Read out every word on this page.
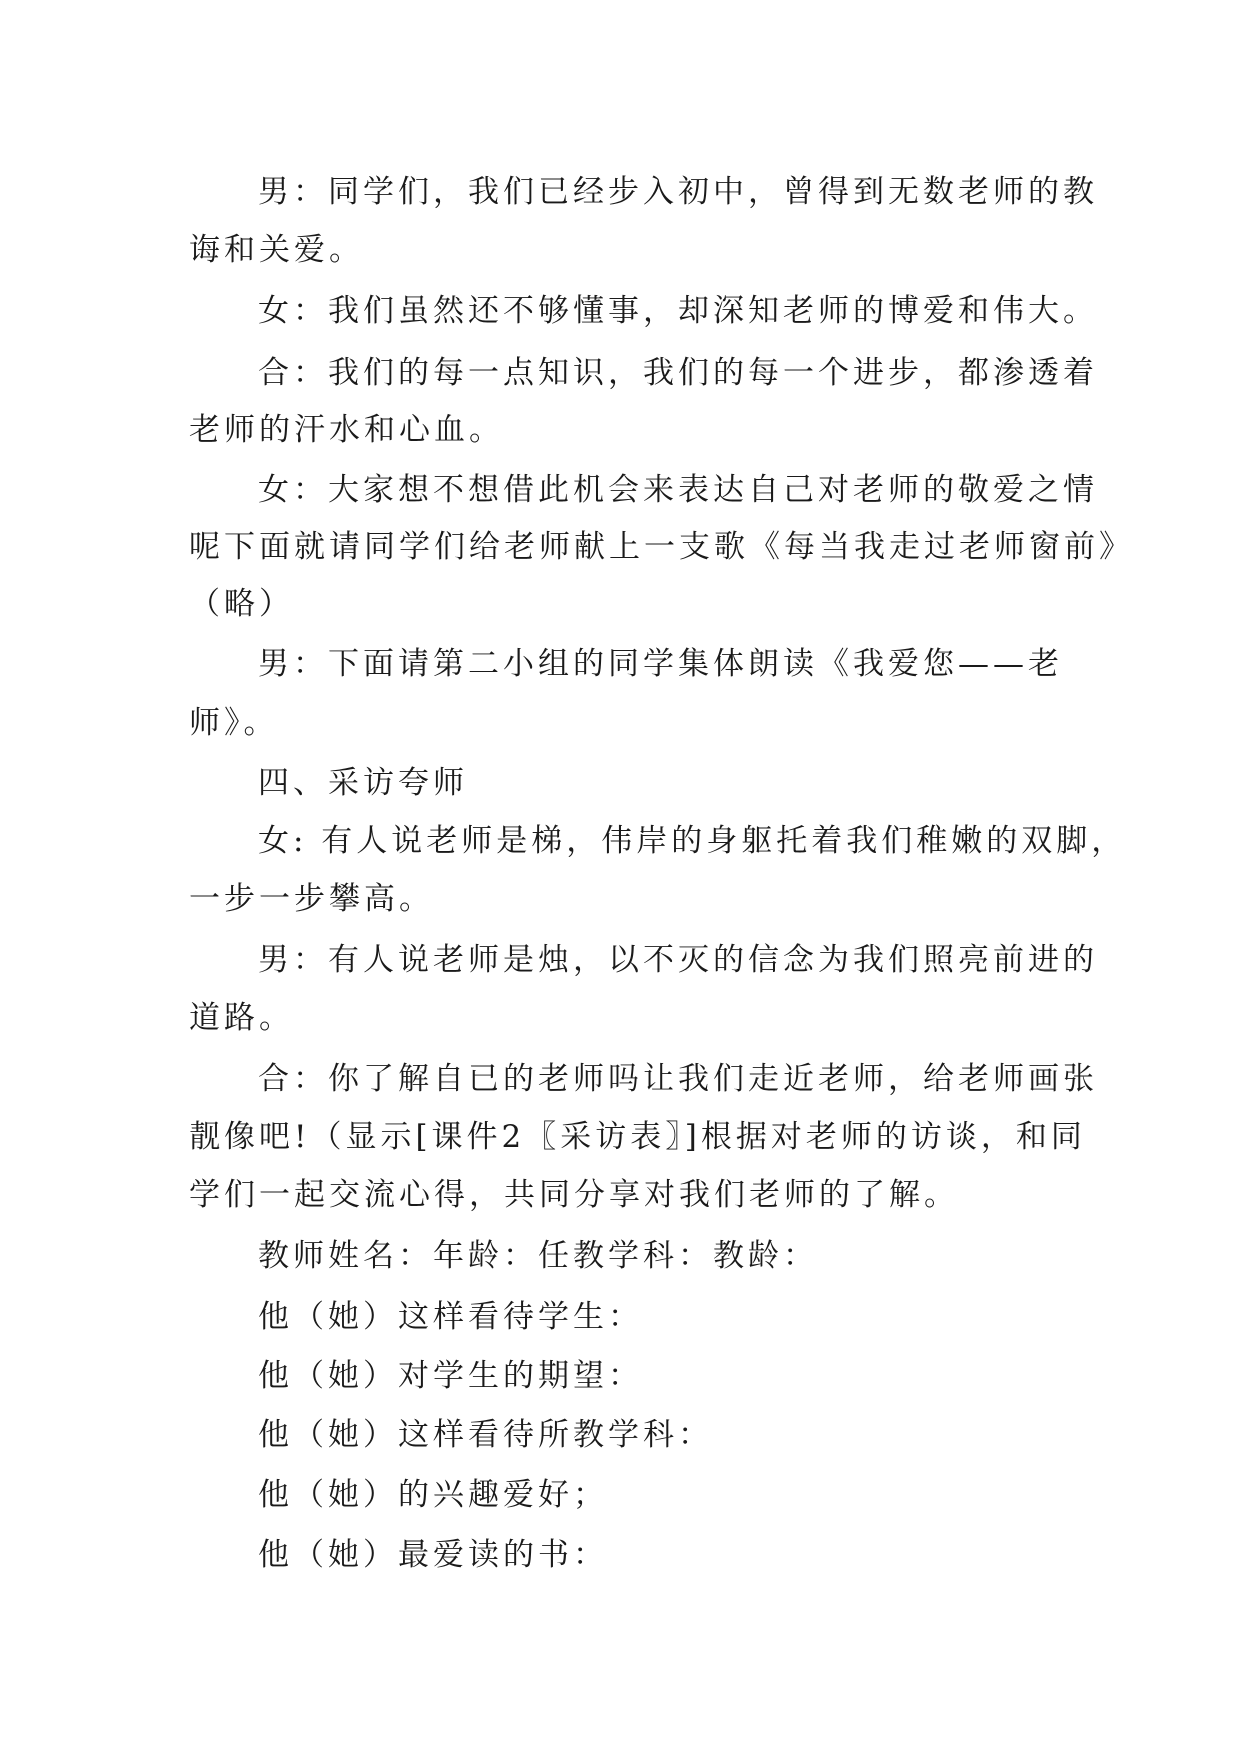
男：同学们，我们已经步入初中，曾得到无数老师的教
诲和关爱。
女：我们虽然还不够懂事，却深知老师的博爱和伟大。
合：我们的每一点知识，我们的每一个进步，都渗透着
老师的汗水和心血。
女：大家想不想借此机会来表达自己对老师的敬爱之情
呢下面就请同学们给老师献上一支歌《每当我走过老师窗前》
（略）
男：下面请第二小组的同学集体朗读《我爱您——老
师》。
四、采访夸师
女: 有人说老师是梯，伟岸的身躯托着我们稚嫩的双脚，
一步一步攀高。
男：有人说老师是烛，以不灭的信念为我们照亮前进的
道路。
合：你了解自已的老师吗让我们走近老师，给老师画张
靓像吧!（显示[课件2〖采访表〗]根据对老师的访谈，和同
学们一起交流心得，共同分享对我们老师的了解。
教师姓名：年龄：任教学科：教龄：
他（她）这样看待学生：
他（她）对学生的期望：
他（她）这样看待所教学科：
他（她）的兴趣爱好；
他（她）最爱读的书：
